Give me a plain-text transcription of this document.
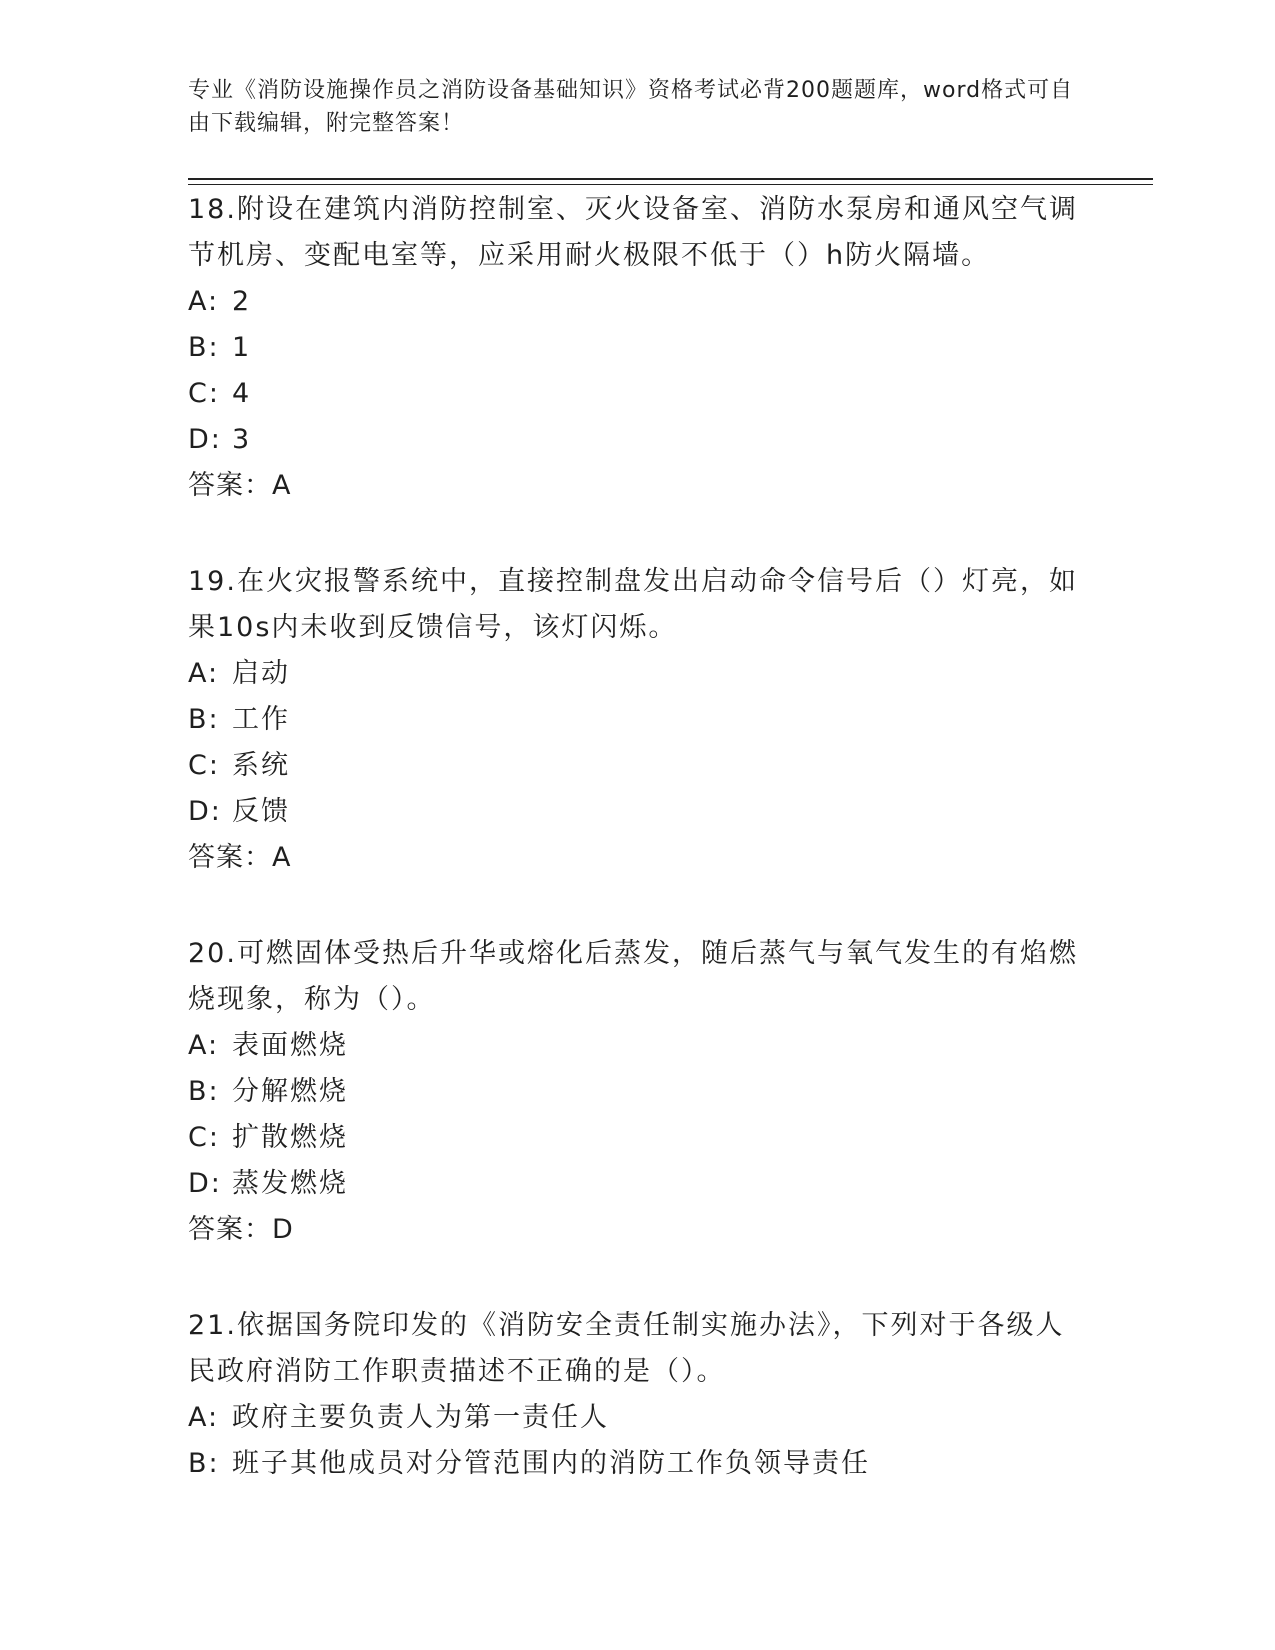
专业《消防设施操作员之消防设备基础知识》资格考试必背200题题库，word格式可自由下载编辑，附完整答案！

18.附设在建筑内消防控制室、灭火设备室、消防水泵房和通风空气调节机房、变配电室等，应采用耐火极限不低于（）h防火隔墙。

A: 2

B: 1

C: 4

D: 3

答案：A

19.在火灾报警系统中，直接控制盘发出启动命令信号后（）灯亮，如果10s内未收到反馈信号，该灯闪烁。

A: 启动

B: 工作

C: 系统

D: 反馈

答案：A

20.可燃固体受热后升华或熔化后蒸发，随后蒸气与氧气发生的有焰燃烧现象，称为（）。

A: 表面燃烧

B: 分解燃烧

C: 扩散燃烧

D: 蒸发燃烧

答案：D

21.依据国务院印发的《消防安全责任制实施办法》，下列对于各级人民政府消防工作职责描述不正确的是（）。

A: 政府主要负责人为第一责任人

B: 班子其他成员对分管范围内的消防工作负领导责任
